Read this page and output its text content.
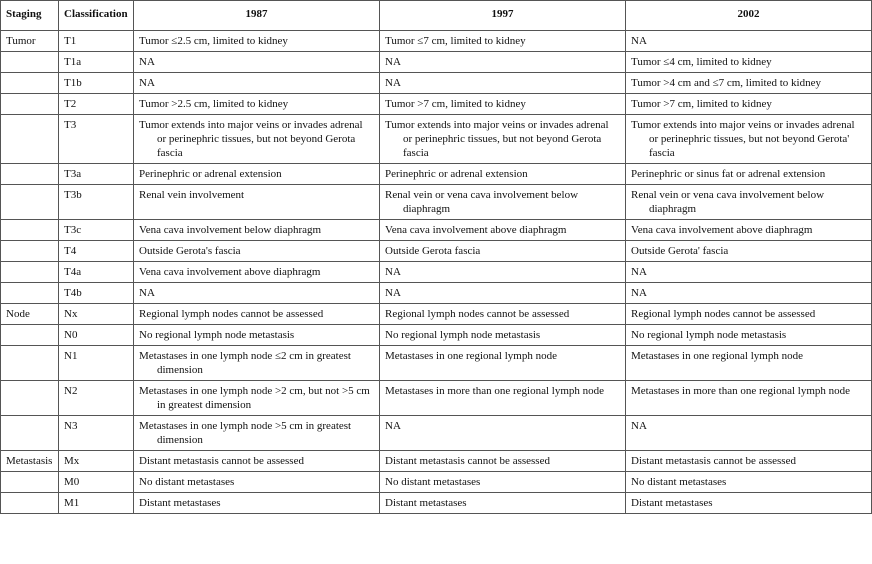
Staging	Classification	1987	1997	2002
Tumor	T1	Tumor ≤2.5 cm, limited to kidney	Tumor ≤7 cm, limited to kidney	NA

	T1a	NA	NA	Tumor ≤4 cm, limited to kidney

	T1b	NA	NA	Tumor >4 cm and ≤7 cm, limited to kidney

	T2	Tumor >2.5 cm, limited to kidney	Tumor >7 cm, limited to kidney	Tumor >7 cm, limited to kidney

	T3	Tumor extends into major veins or invades adrenal or perinephric tissues, but not beyond Gerota fascia	Tumor extends into major veins or invades adrenal or perinephric tissues, but not beyond Gerota fascia	Tumor extends into major veins or invades adrenal or perinephric tissues, but not beyond Gerota' fascia

	T3a	Perinephric or adrenal extension	Perinephric or adrenal extension	Perinephric or sinus fat or adrenal extension

	T3b	Renal vein involvement	Renal vein or vena cava involvement below diaphragm	Renal vein or vena cava involvement below diaphragm

	T3c	Vena cava involvement below diaphragm	Vena cava involvement above diaphragm	Vena cava involvement above diaphragm

	T4	Outside Gerota's fascia	Outside Gerota fascia	Outside Gerota' fascia

	T4a	Vena cava involvement above diaphragm	NA	NA

	T4b	NA	NA	NA

Node	Nx	Regional lymph nodes cannot be assessed	Regional lymph nodes cannot be assessed	Regional lymph nodes cannot be assessed

	N0	No regional lymph node metastasis	No regional lymph node metastasis	No regional lymph node metastasis

	N1	Metastases in one lymph node ≤2 cm in greatest dimension	Metastases in one regional lymph node	Metastases in one regional lymph node

	N2	Metastases in one lymph node >2 cm, but not >5 cm in greatest dimension	Metastases in more than one regional lymph node	Metastases in more than one regional lymph node

	N3	Metastases in one lymph node >5 cm in greatest dimension	NA	NA

Metastasis	Mx	Distant metastasis cannot be assessed	Distant metastasis cannot be assessed	Distant metastasis cannot be assessed

	M0	No distant metastases	No distant metastases	No distant metastases

	M1	Distant metastases	Distant metastases	Distant metastases
